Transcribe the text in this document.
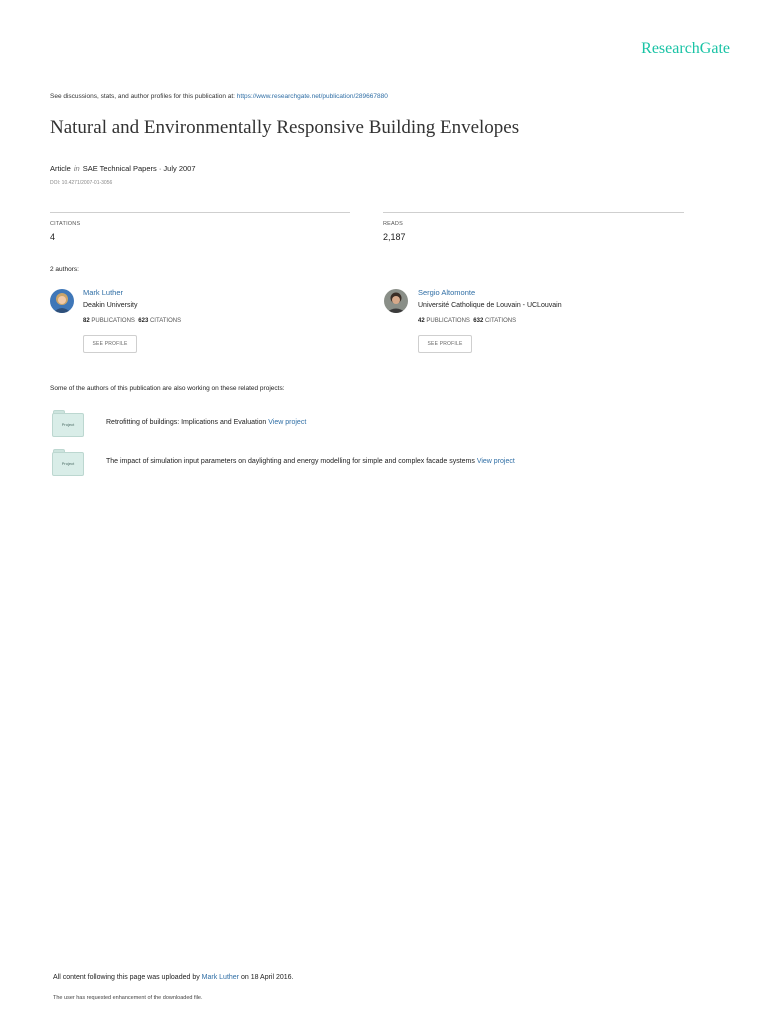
ResearchGate
See discussions, stats, and author profiles for this publication at: https://www.researchgate.net/publication/289667880
Natural and Environmentally Responsive Building Envelopes
Article in SAE Technical Papers · July 2007
DOI: 10.4271/2007-01-3056
CITATIONS
4
READS
2,187
2 authors:
Mark Luther
Deakin University
82 PUBLICATIONS 623 CITATIONS
SEE PROFILE
Sergio Altomonte
Université Catholique de Louvain - UCLouvain
42 PUBLICATIONS 632 CITATIONS
SEE PROFILE
Some of the authors of this publication are also working on these related projects:
Project	Retrofitting of buildings: Implications and Evaluation View project
Project	The impact of simulation input parameters on daylighting and energy modelling for simple and complex facade systems View project
All content following this page was uploaded by Mark Luther on 18 April 2016.
The user has requested enhancement of the downloaded file.
